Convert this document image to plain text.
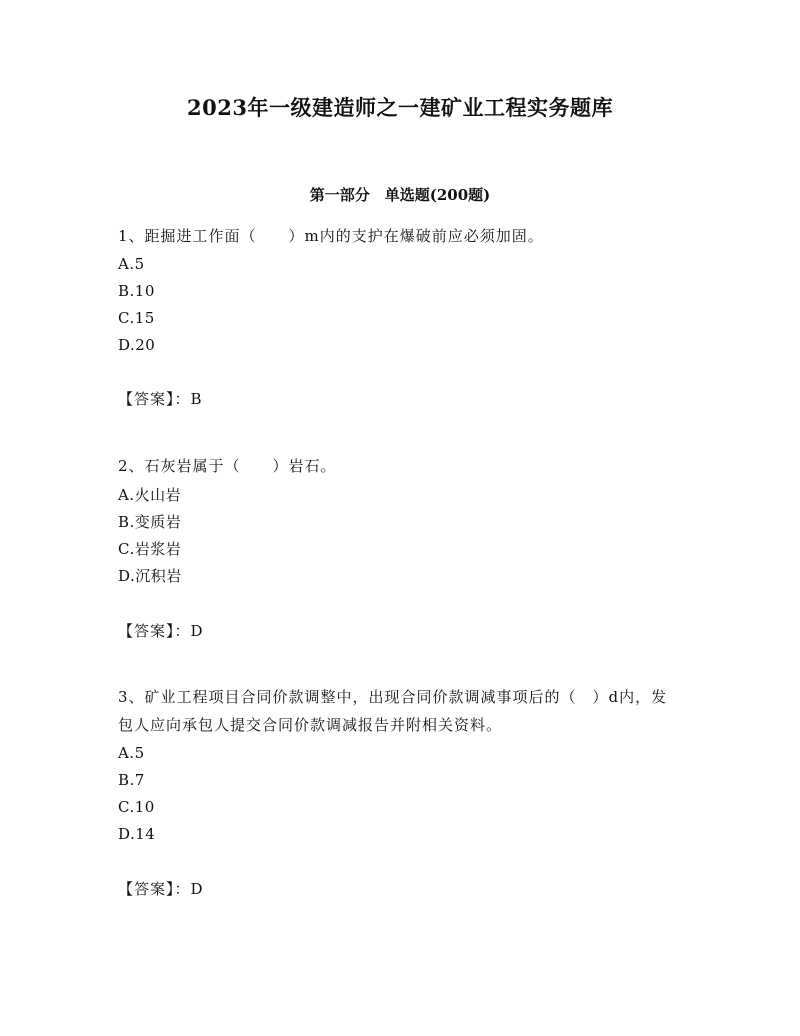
2023年一级建造师之一建矿业工程实务题库
第一部分　单选题(200题)

1、距掘进工作面（　　）m内的支护在爆破前应必须加固。

A.5

B.10

C.15

D.20

【答案】：B

2、石灰岩属于（　　）岩石。

A.火山岩

B.变质岩

C.岩浆岩

D.沉积岩

【答案】：D

3、矿业工程项目合同价款调整中，出现合同价款调减事项后的（　）d内，发包人应向承包人提交合同价款调减报告并附相关资料。

A.5

B.7

C.10

D.14

【答案】：D
